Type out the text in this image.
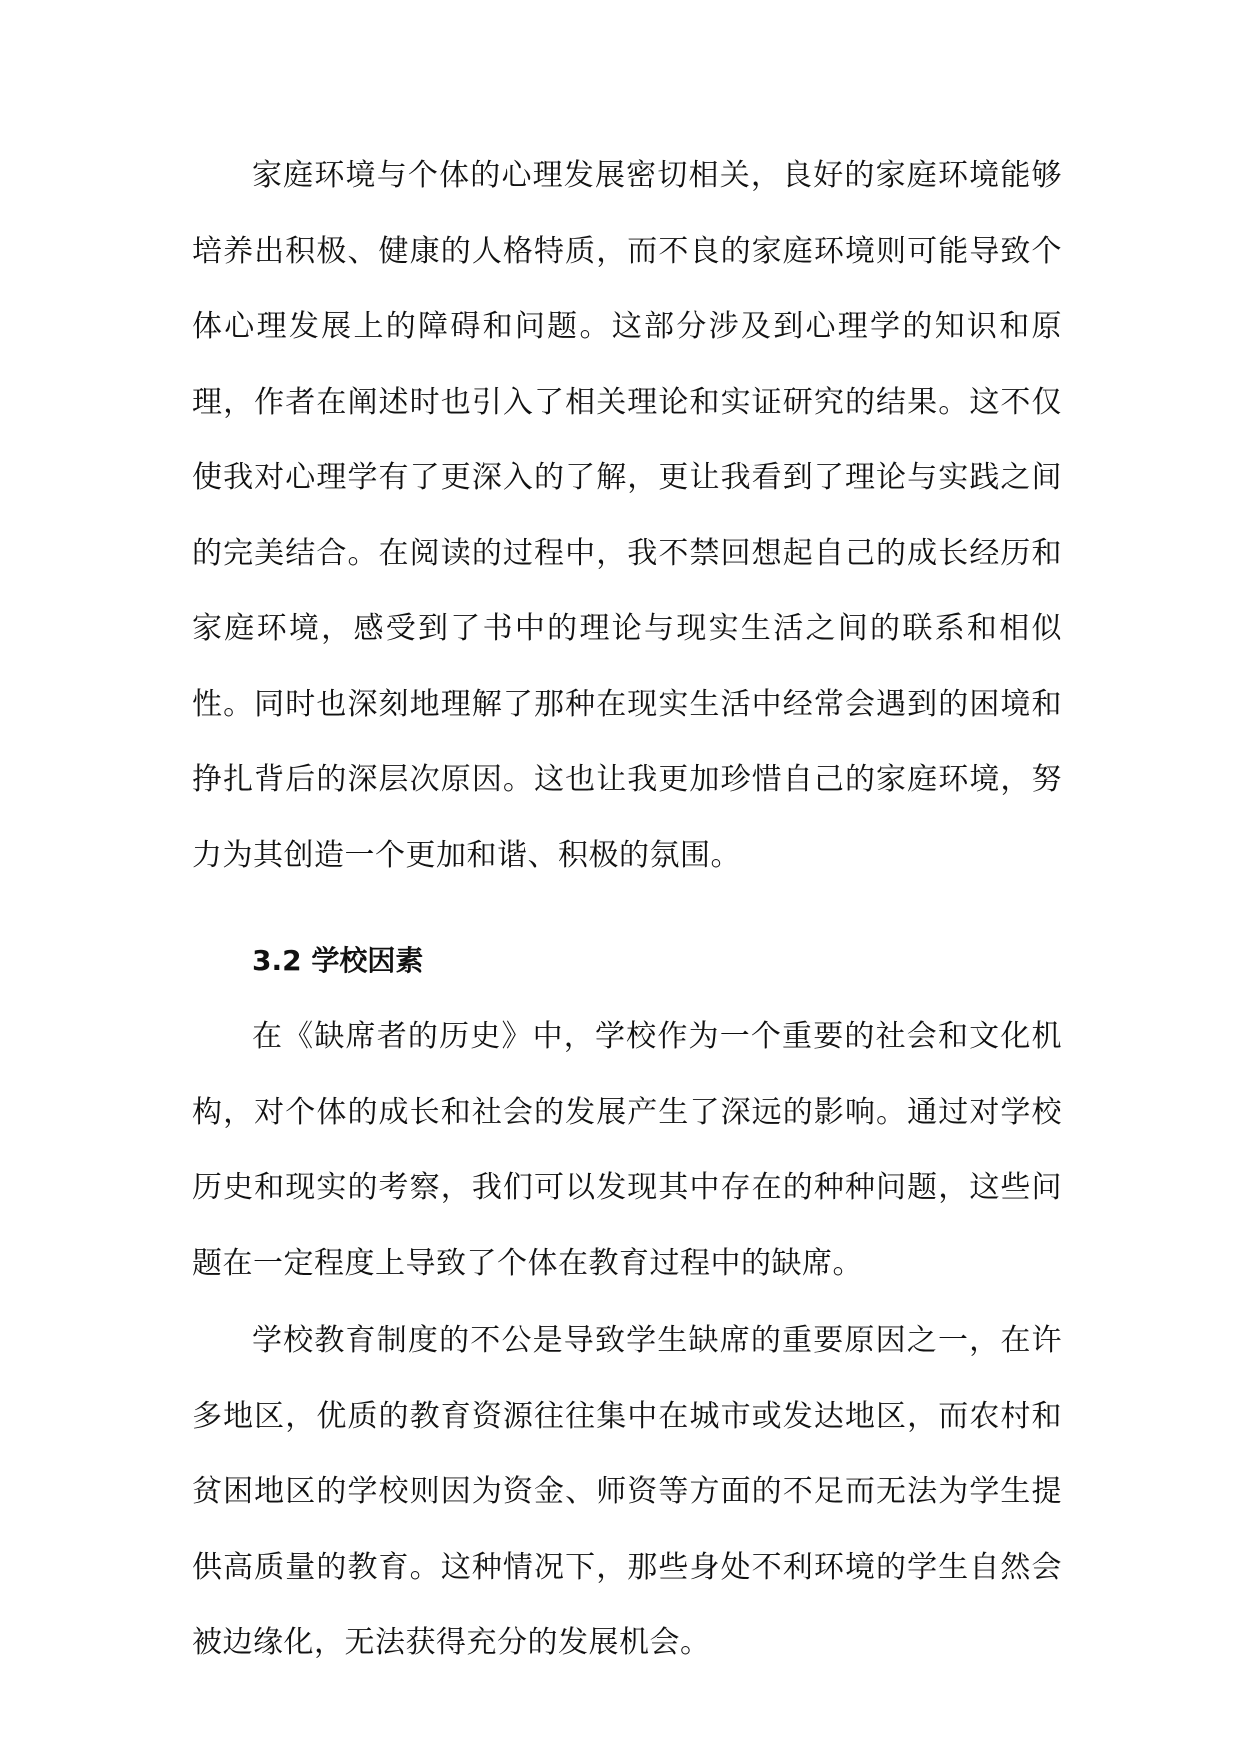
家庭环境与个体的心理发展密切相关，良好的家庭环境能够培养出积极、健康的人格特质，而不良的家庭环境则可能导致个体心理发展上的障碍和问题。这部分涉及到心理学的知识和原理，作者在阐述时也引入了相关理论和实证研究的结果。这不仅使我对心理学有了更深入的了解，更让我看到了理论与实践之间的完美结合。在阅读的过程中，我不禁回想起自己的成长经历和家庭环境，感受到了书中的理论与现实生活之间的联系和相似性。同时也深刻地理解了那种在现实生活中经常会遇到的困境和挣扎背后的深层次原因。这也让我更加珍惜自己的家庭环境，努力为其创造一个更加和谐、积极的氛围。

3.2 学校因素

在《缺席者的历史》中，学校作为一个重要的社会和文化机构，对个体的成长和社会的发展产生了深远的影响。通过对学校历史和现实的考察，我们可以发现其中存在的种种问题，这些问题在一定程度上导致了个体在教育过程中的缺席。

学校教育制度的不公是导致学生缺席的重要原因之一，在许多地区，优质的教育资源往往集中在城市或发达地区，而农村和贫困地区的学校则因为资金、师资等方面的不足而无法为学生提供高质量的教育。这种情况下，那些身处不利环境的学生自然会被边缘化，无法获得充分的发展机会。
